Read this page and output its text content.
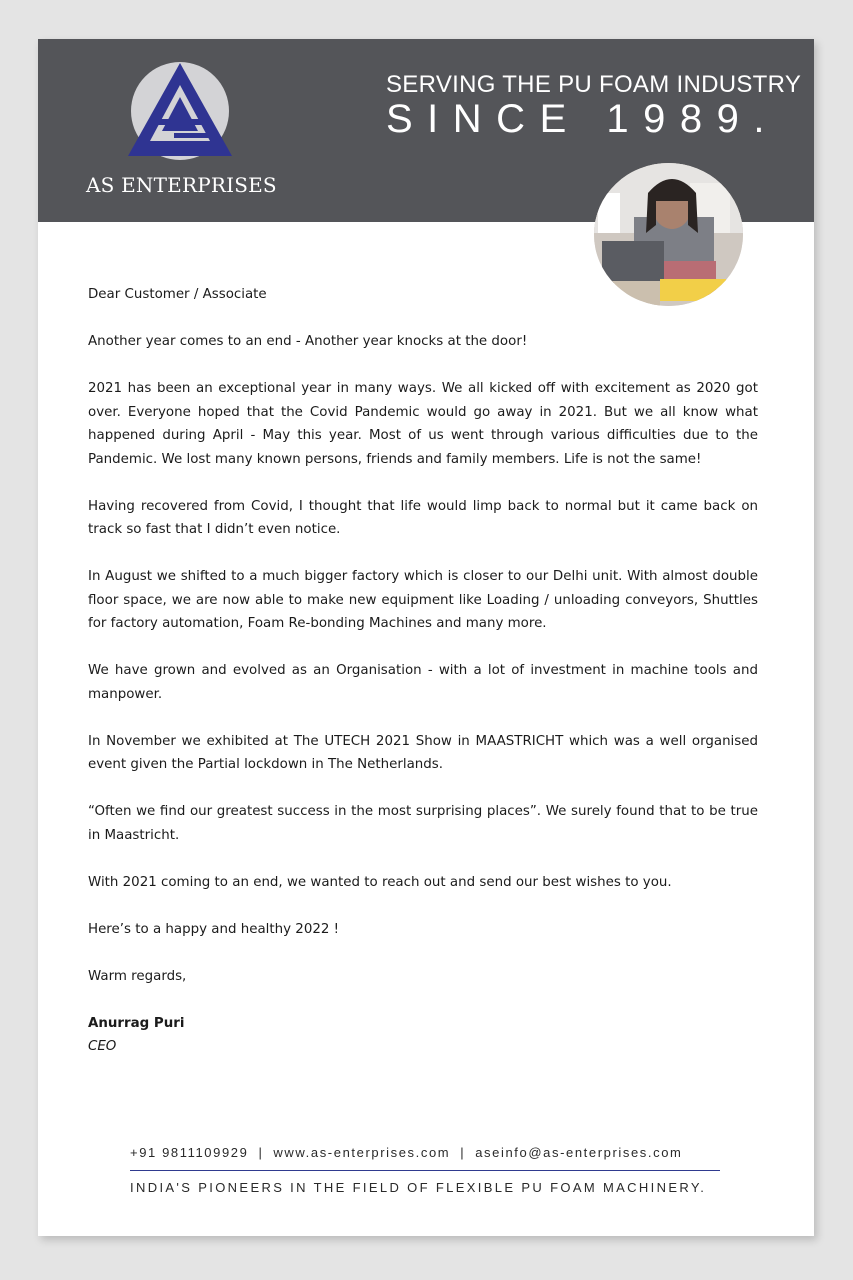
AS ENTERPRISES
SERVING THE PU FOAM INDUSTRY
SINCE 1989.

Dear Customer / Associate

Another year comes to an end - Another year knocks at the door!

2021 has been an exceptional year in many ways. We all kicked off with excitement as 2020 got over. Everyone hoped that the Covid Pandemic would go away in 2021. But we all know what happened during April - May this year. Most of us went through various difficulties due to the Pandemic. We lost many known persons, friends and family members. Life is not the same!

Having recovered from Covid, I thought that life would limp back to normal but it came back on track so fast that I didn’t even notice.

In August we shifted to a much bigger factory which is closer to our Delhi unit. With almost double floor space, we are now able to make new equipment like Loading / unloading conveyors, Shuttles for factory automation, Foam Re-bonding Machines and many more.

We have grown and evolved as an Organisation - with a lot of investment in machine tools and manpower.

In November we exhibited at The UTECH 2021 Show in MAASTRICHT which was a well organised event given the Partial lockdown in The Netherlands.

“Often we find our greatest success in the most surprising places”. We surely found that to be true in Maastricht.

With 2021 coming to an end, we wanted to reach out and send our best wishes to you.

Here’s to a happy and healthy 2022 !

Warm regards,

Anurrag Puri

CEO

+91 9811109929 | www.as-enterprises.com | aseinfo@as-enterprises.com
INDIA'S PIONEERS IN THE FIELD OF FLEXIBLE PU FOAM MACHINERY.
